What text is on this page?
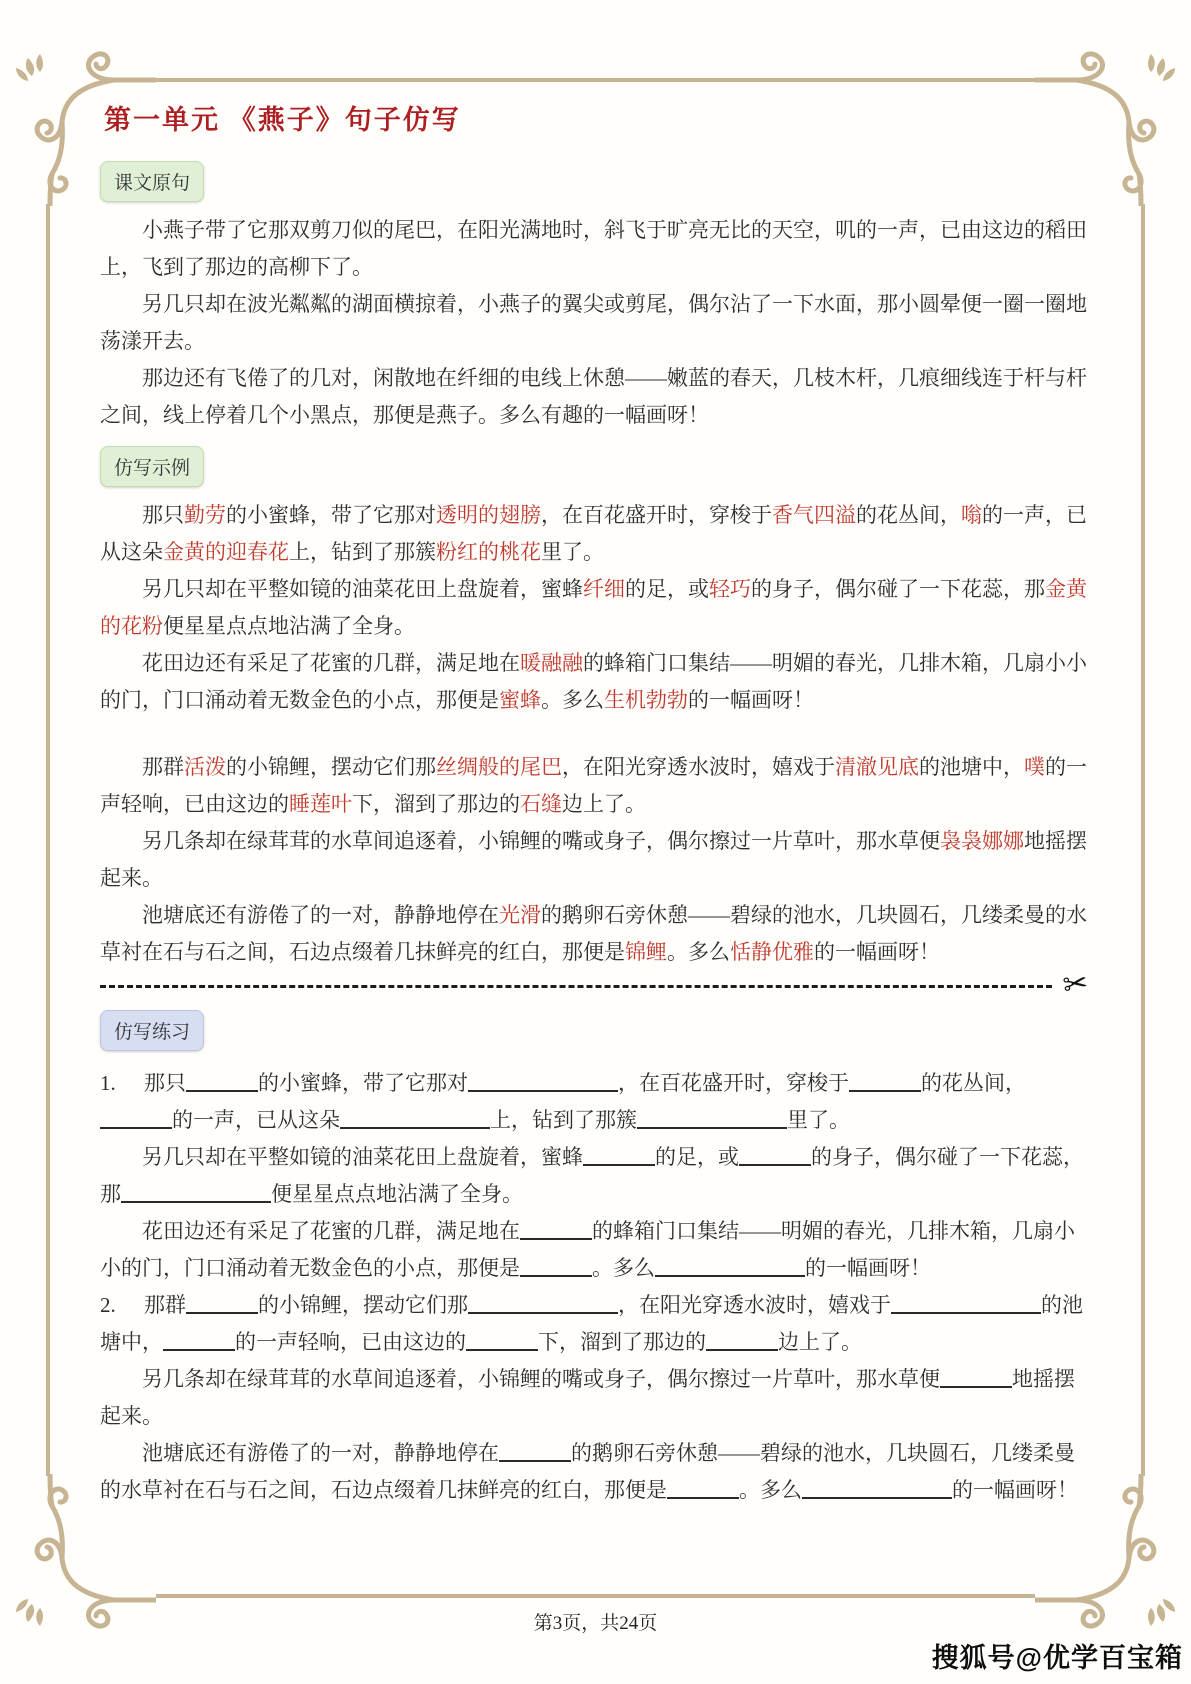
第一单元 《燕子》句子仿写
课文原句

小燕子带了它那双剪刀似的尾巴，在阳光满地时，斜飞于旷亮无比的天空，叽的一声，已由这边的稻田上，飞到了那边的高柳下了。

另几只却在波光粼粼的湖面横掠着，小燕子的翼尖或剪尾，偶尔沾了一下水面，那小圆晕便一圈一圈地荡漾开去。

那边还有飞倦了的几对，闲散地在纤细的电线上休憩——嫩蓝的春天，几枝木杆，几痕细线连于杆与杆之间，线上停着几个小黑点，那便是燕子。多么有趣的一幅画呀！

仿写示例

那只勤劳的小蜜蜂，带了它那对透明的翅膀，在百花盛开时，穿梭于香气四溢的花丛间，嗡的一声，已从这朵金黄的迎春花上，钻到了那簇粉红的桃花里了。

另几只却在平整如镜的油菜花田上盘旋着，蜜蜂纤细的足，或轻巧的身子，偶尔碰了一下花蕊，那金黄的花粉便星星点点地沾满了全身。

花田边还有采足了花蜜的几群，满足地在暖融融的蜂箱门口集结——明媚的春光，几排木箱，几扇小小的门，门口涌动着无数金色的小点，那便是蜜蜂。多么生机勃勃的一幅画呀！

那群活泼的小锦鲤，摆动它们那丝绸般的尾巴，在阳光穿透水波时，嬉戏于清澈见底的池塘中，噗的一声轻响，已由这边的睡莲叶下，溜到了那边的石缝边上了。

另几条却在绿茸茸的水草间追逐着，小锦鲤的嘴或身子，偶尔擦过一片草叶，那水草便袅袅娜娜地摇摆起来。

池塘底还有游倦了的一对，静静地停在光滑的鹅卵石旁休憩——碧绿的池水，几块圆石，几缕柔曼的水草衬在石与石之间，石边点缀着几抹鲜亮的红白，那便是锦鲤。多么恬静优雅的一幅画呀！

✂
仿写练习

1. 那只	的小蜜蜂，带了它那对	，在百花盛开时，穿梭于	的花丛间，的一声，已从这朵	上，钻到了那簇	里了。

另几只却在平整如镜的油菜花田上盘旋着，蜜蜂	的足，或	的身子，偶尔碰了一下花蕊，那	便星星点点地沾满了全身。

花田边还有采足了花蜜的几群，满足地在	的蜂箱门口集结——明媚的春光，几排木箱，几扇小小的门，门口涌动着无数金色的小点，那便是	。多么	的一幅画呀！

2. 那群	的小锦鲤，摆动它们那	，在阳光穿透水波时，嬉戏于	的池塘中，	的一声轻响，已由这边的	下，溜到了那边的	边上了。

另几条却在绿茸茸的水草间追逐着，小锦鲤的嘴或身子，偶尔擦过一片草叶，那水草便	地摇摆起来。

池塘底还有游倦了的一对，静静地停在	的鹅卵石旁休憩——碧绿的池水，几块圆石，几缕柔曼的水草衬在石与石之间，石边点缀着几抹鲜亮的红白，那便是	。多么	的一幅画呀！

第3页，共24页
搜狐号@优学百宝箱
